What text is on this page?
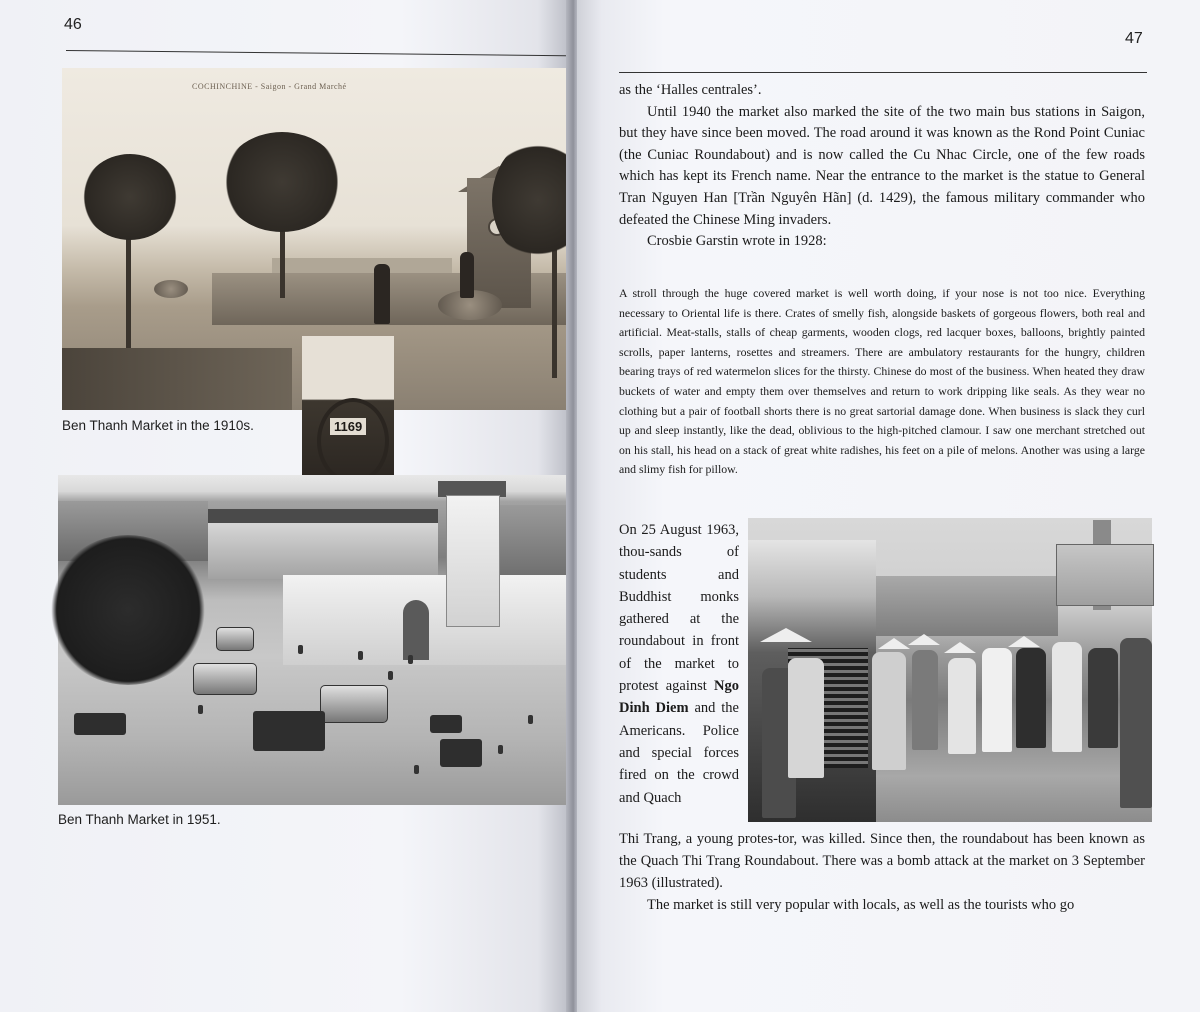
46
COCHINCHINE - Saigon - Grand Marché
1169
Ben Thanh Market in the 1910s.
Ben Thanh Market in 1951.
47

as the ‘Halles centrales’.

Until 1940 the market also marked the site of the two main bus stations in Saigon, but they have since been moved. The road around it was known as the Rond Point Cuniac (the Cuniac Roundabout) and is now called the Cu Nhac Circle, one of the few roads which has kept its French name. Near the entrance to the market is the statue to General Tran Nguyen Han [Trần Nguyên Hãn] (d. 1429), the famous military commander who defeated the Chinese Ming invaders.

Crosbie Garstin wrote in 1928:

A stroll through the huge covered market is well worth doing, if your nose is not too nice. Everything necessary to Oriental life is there. Crates of smelly fish, alongside baskets of gorgeous flowers, both real and artificial. Meat-stalls, stalls of cheap garments, wooden clogs, red lacquer boxes, balloons, brightly painted scrolls, paper lanterns, rosettes and streamers. There are ambulatory restaurants for the hungry, children bearing trays of red watermelon slices for the thirsty. Chinese do most of the business. When heated they draw buckets of water and empty them over themselves and return to work dripping like seals. As they wear no clothing but a pair of football shorts there is no great sartorial damage done. When business is slack they curl up and sleep instantly, like the dead, oblivious to the high-pitched clamour. I saw one merchant stretched out on his stall, his head on a stack of great white radishes, his feet on a pile of melons. Another was using a large and slimy fish for pillow.

On 25 August 1963, thou-sands of students and Buddhist monks gathered at the roundabout in front of the market to protest against Ngo Dinh Diem and the Americans. Police and special forces fired on the crowd and Quach

Thi Trang, a young protes-tor, was killed. Since then, the roundabout has been known as the Quach Thi Trang Roundabout. There was a bomb attack at the market on 3 September 1963 (illustrated).

The market is still very popular with locals, as well as the tourists who go
